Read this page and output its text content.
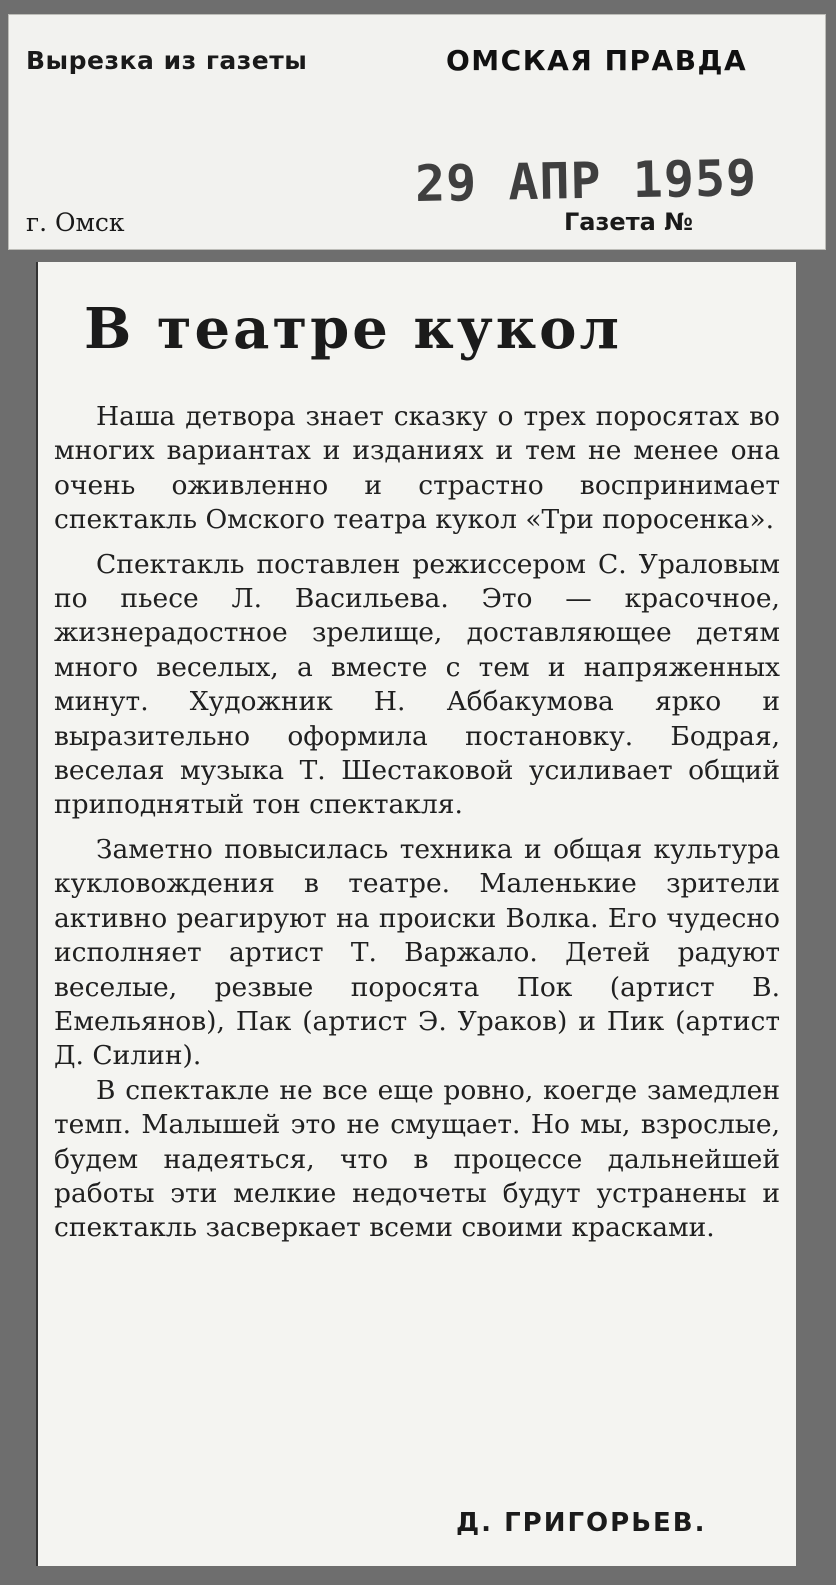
Вырезка из газеты	ОМСКАЯ ПРАВДА
29 АПР 1959
г. Омск	Газета №
В театре кукол

Наша детвора знает сказку о трех поросятах во многих вариантах и изданиях и тем не менее она очень оживленно и страстно воспринимает спектакль Омского театра кукол «Три поросенка».

Спектакль поставлен режиссером С. Ураловым по пьесе Л. Васильева. Это — красочное, жизнерадостное зрелище, доставляющее детям много веселых, а вместе с тем и напряженных минут. Художник Н. Аббакумова ярко и выразительно оформила постановку. Бодрая, веселая музыка Т. Шестаковой усиливает общий приподнятый тон спектакля.

Заметно повысилась техника и общая культура кукловождения в театре. Маленькие зрители активно реагируют на происки Волка. Его чудесно исполняет артист Т. Варжало. Детей радуют веселые, резвые поросята Пок (артист В. Емельянов), Пак (артист Э. Ураков) и Пик (артист Д. Силин).

В спектакле не все еще ровно, коегде замедлен темп. Малышей это не смущает. Но мы, взрослые, будем надеяться, что в процессе дальнейшей работы эти мелкие недочеты будут устранены и спектакль засверкает всеми своими красками.

Д. ГРИГОРЬЕВ.
